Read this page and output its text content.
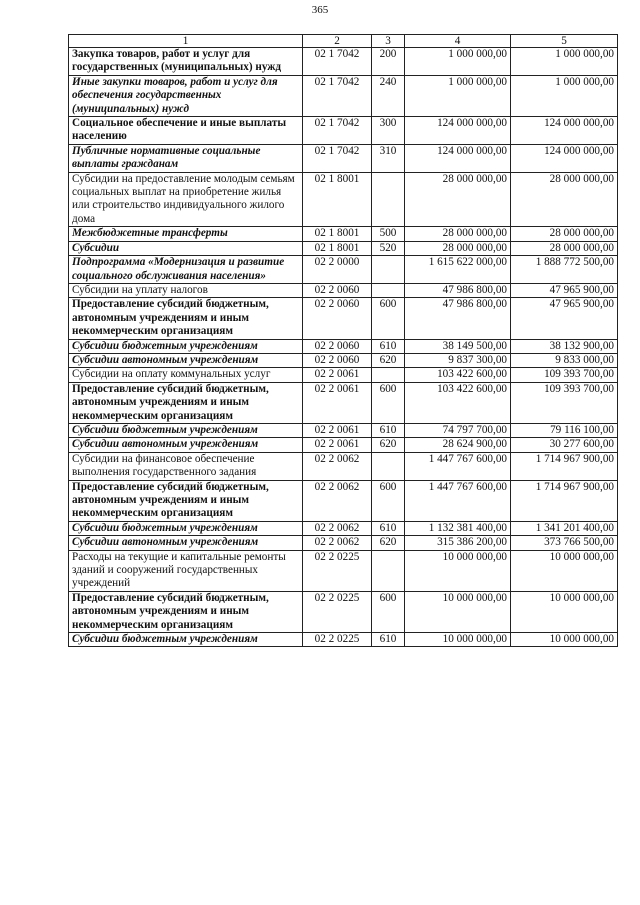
365
1	2	3	4	5
Закупка товаров, работ и услуг для государственных (муниципальных) нужд	02 1 7042	200	1 000 000,00	1 000 000,00
Иные закупки товаров, работ и услуг для обеспечения государственных (муниципальных) нужд	02 1 7042	240	1 000 000,00	1 000 000,00
Социальное обеспечение и иные выплаты населению	02 1 7042	300	124 000 000,00	124 000 000,00
Публичные нормативные социальные выплаты гражданам	02 1 7042	310	124 000 000,00	124 000 000,00
Субсидии на предоставление молодым семьям социальных выплат на приобретение жилья или строительство индивидуального жилого дома	02 1 8001		28 000 000,00	28 000 000,00
Межбюджетные трансферты	02 1 8001	500	28 000 000,00	28 000 000,00
Субсидии	02 1 8001	520	28 000 000,00	28 000 000,00
Подпрограмма «Модернизация и развитие социального обслуживания населения»	02 2 0000		1 615 622 000,00	1 888 772 500,00
Субсидии на уплату налогов	02 2 0060		47 986 800,00	47 965 900,00
Предоставление субсидий бюджетным, автономным учреждениям и иным некоммерческим организациям	02 2 0060	600	47 986 800,00	47 965 900,00
Субсидии бюджетным учреждениям	02 2 0060	610	38 149 500,00	38 132 900,00
Субсидии автономным учреждениям	02 2 0060	620	9 837 300,00	9 833 000,00
Субсидии на оплату коммунальных услуг	02 2 0061		103 422 600,00	109 393 700,00
Предоставление субсидий бюджетным, автономным учреждениям и иным некоммерческим организациям	02 2 0061	600	103 422 600,00	109 393 700,00
Субсидии бюджетным учреждениям	02 2 0061	610	74 797 700,00	79 116 100,00
Субсидии автономным учреждениям	02 2 0061	620	28 624 900,00	30 277 600,00
Субсидии на финансовое обеспечение выполнения государственного задания	02 2 0062		1 447 767 600,00	1 714 967 900,00
Предоставление субсидий бюджетным, автономным учреждениям и иным некоммерческим организациям	02 2 0062	600	1 447 767 600,00	1 714 967 900,00
Субсидии бюджетным учреждениям	02 2 0062	610	1 132 381 400,00	1 341 201 400,00
Субсидии автономным учреждениям	02 2 0062	620	315 386 200,00	373 766 500,00
Расходы на текущие и капитальные ремонты зданий и сооружений государственных учреждений	02 2 0225		10 000 000,00	10 000 000,00
Предоставление субсидий бюджетным, автономным учреждениям и иным некоммерческим организациям	02 2 0225	600	10 000 000,00	10 000 000,00
Субсидии бюджетным учреждениям	02 2 0225	610	10 000 000,00	10 000 000,00
